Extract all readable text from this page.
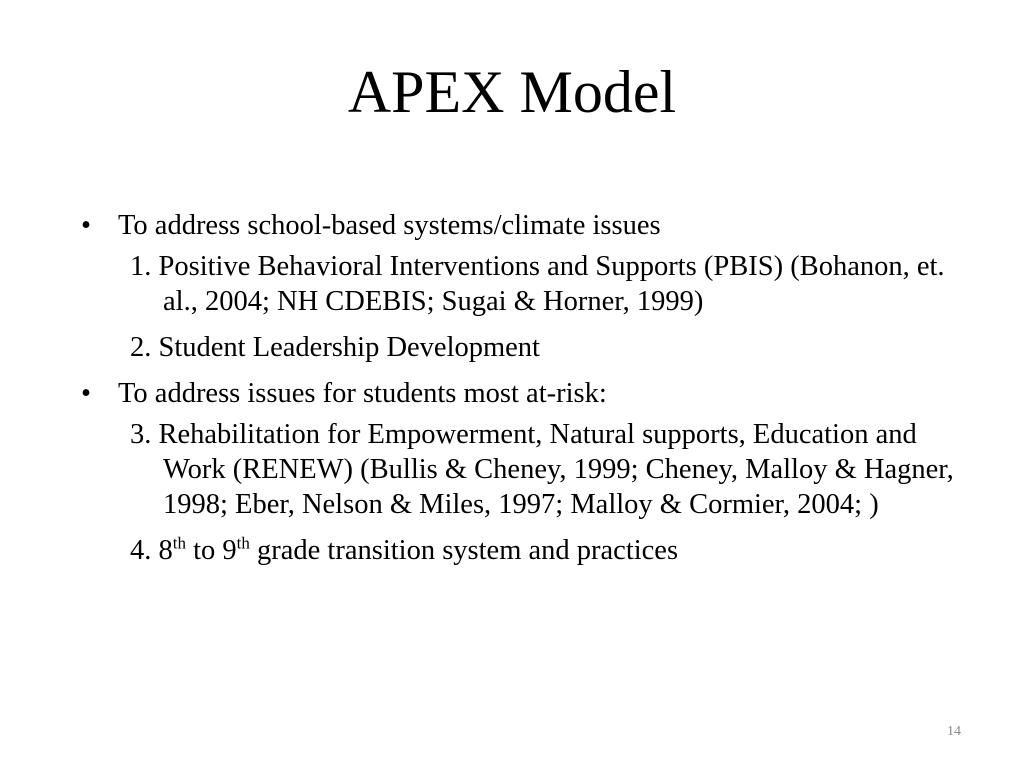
APEX Model
• To address school-based systems/climate issues
1. Positive Behavioral Interventions and Supports (PBIS) (Bohanon, et. al., 2004; NH CDEBIS; Sugai & Horner, 1999)
2. Student Leadership Development
• To address issues for students most at-risk:
3. Rehabilitation for Empowerment, Natural supports, Education and Work (RENEW) (Bullis & Cheney, 1999; Cheney, Malloy & Hagner, 1998; Eber, Nelson & Miles, 1997; Malloy & Cormier, 2004; )
4. 8th to 9th grade transition system and practices
14
